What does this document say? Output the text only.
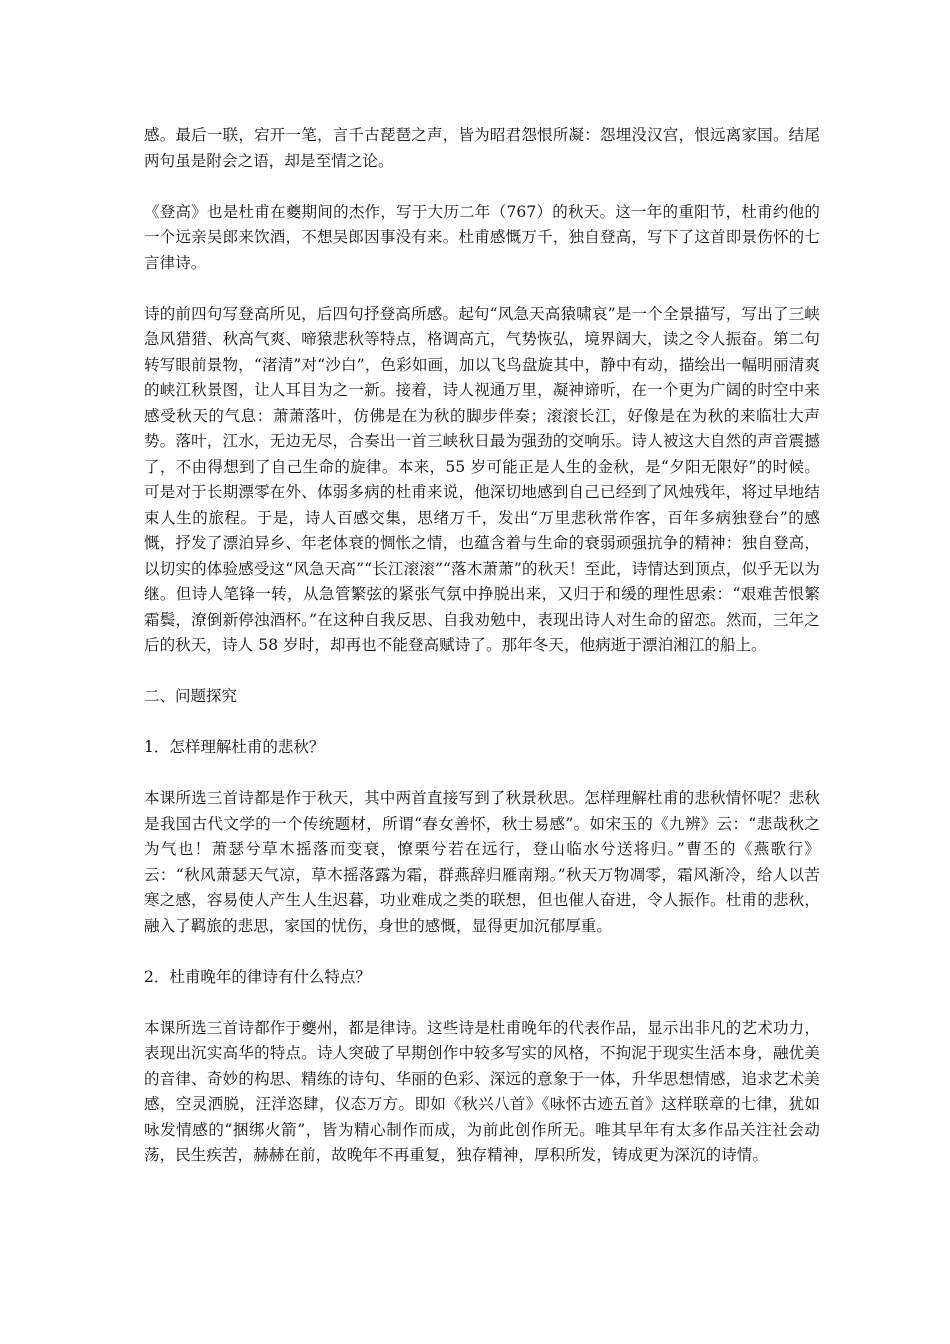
感。最后一联，宕开一笔，言千古琵琶之声，皆为昭君怨恨所凝：怨埋没汉宫，恨远离家国。结尾两句虽是附会之语，却是至情之论。

《登高》也是杜甫在夔期间的杰作，写于大历二年（767）的秋天。这一年的重阳节，杜甫约他的一个远亲吴郎来饮酒，不想吴郎因事没有来。杜甫感慨万千，独自登高，写下了这首即景伤怀的七言律诗。

诗的前四句写登高所见，后四句抒登高所感。起句“风急天高猿啸哀”是一个全景描写，写出了三峡急风猎猎、秋高气爽、啼猿悲秋等特点，格调高亢，气势恢弘，境界阔大，读之令人振奋。第二句转写眼前景物，“渚清”对“沙白”，色彩如画，加以飞鸟盘旋其中，静中有动，描绘出一幅明丽清爽的峡江秋景图，让人耳目为之一新。接着，诗人视通万里，凝神谛听，在一个更为广阔的时空中来感受秋天的气息：萧萧落叶，仿佛是在为秋的脚步伴奏；滚滚长江，好像是在为秋的来临壮大声势。落叶，江水，无边无尽，合奏出一首三峡秋日最为强劲的交响乐。诗人被这大自然的声音震撼了，不由得想到了自己生命的旋律。本来，55 岁可能正是人生的金秋，是“夕阳无限好”的时候。可是对于长期漂零在外、体弱多病的杜甫来说，他深切地感到自己已经到了风烛残年，将过早地结束人生的旅程。于是，诗人百感交集，思绪万千，发出“万里悲秋常作客，百年多病独登台”的感慨，抒发了漂泊异乡、年老体衰的惆怅之情，也蕴含着与生命的衰弱顽强抗争的精神：独自登高，以切实的体验感受这“风急天高”“长江滚滚”“落木萧萧”的秋天！至此，诗情达到顶点，似乎无以为继。但诗人笔锋一转，从急管繁弦的紧张气氛中挣脱出来，又归于和缓的理性思索：“艰难苦恨繁霜鬓，潦倒新停浊酒杯。”在这种自我反思、自我劝勉中，表现出诗人对生命的留恋。然而，三年之后的秋天，诗人 58 岁时，却再也不能登高赋诗了。那年冬天，他病逝于漂泊湘江的船上。

二、问题探究

1．怎样理解杜甫的悲秋？

本课所选三首诗都是作于秋天，其中两首直接写到了秋景秋思。怎样理解杜甫的悲秋情怀呢？悲秋是我国古代文学的一个传统题材，所谓“春女善怀，秋士易感”。如宋玉的《九辨》云：“悲哉秋之为气也！萧瑟兮草木摇落而变衰，憭栗兮若在远行，登山临水兮送将归。”曹丕的《燕歌行》云：“秋风萧瑟天气凉，草木摇落露为霜，群燕辞归雁南翔。”秋天万物凋零，霜风渐冷，给人以苦寒之感，容易使人产生人生迟暮，功业难成之类的联想，但也催人奋进，令人振作。杜甫的悲秋，融入了羁旅的悲思，家国的忧伤，身世的感慨，显得更加沉郁厚重。

2．杜甫晚年的律诗有什么特点？

本课所选三首诗都作于夔州，都是律诗。这些诗是杜甫晚年的代表作品，显示出非凡的艺术功力，表现出沉实高华的特点。诗人突破了早期创作中较多写实的风格，不拘泥于现实生活本身，融优美的音律、奇妙的构思、精练的诗句、华丽的色彩、深远的意象于一体，升华思想情感，追求艺术美感，空灵洒脱，汪洋恣肆，仪态万方。即如《秋兴八首》《咏怀古迹五首》这样联章的七律，犹如咏发情感的“捆绑火箭”，皆为精心制作而成，为前此创作所无。唯其早年有太多作品关注社会动荡，民生疾苦，赫赫在前，故晚年不再重复，独存精神，厚积所发，铸成更为深沉的诗情。
